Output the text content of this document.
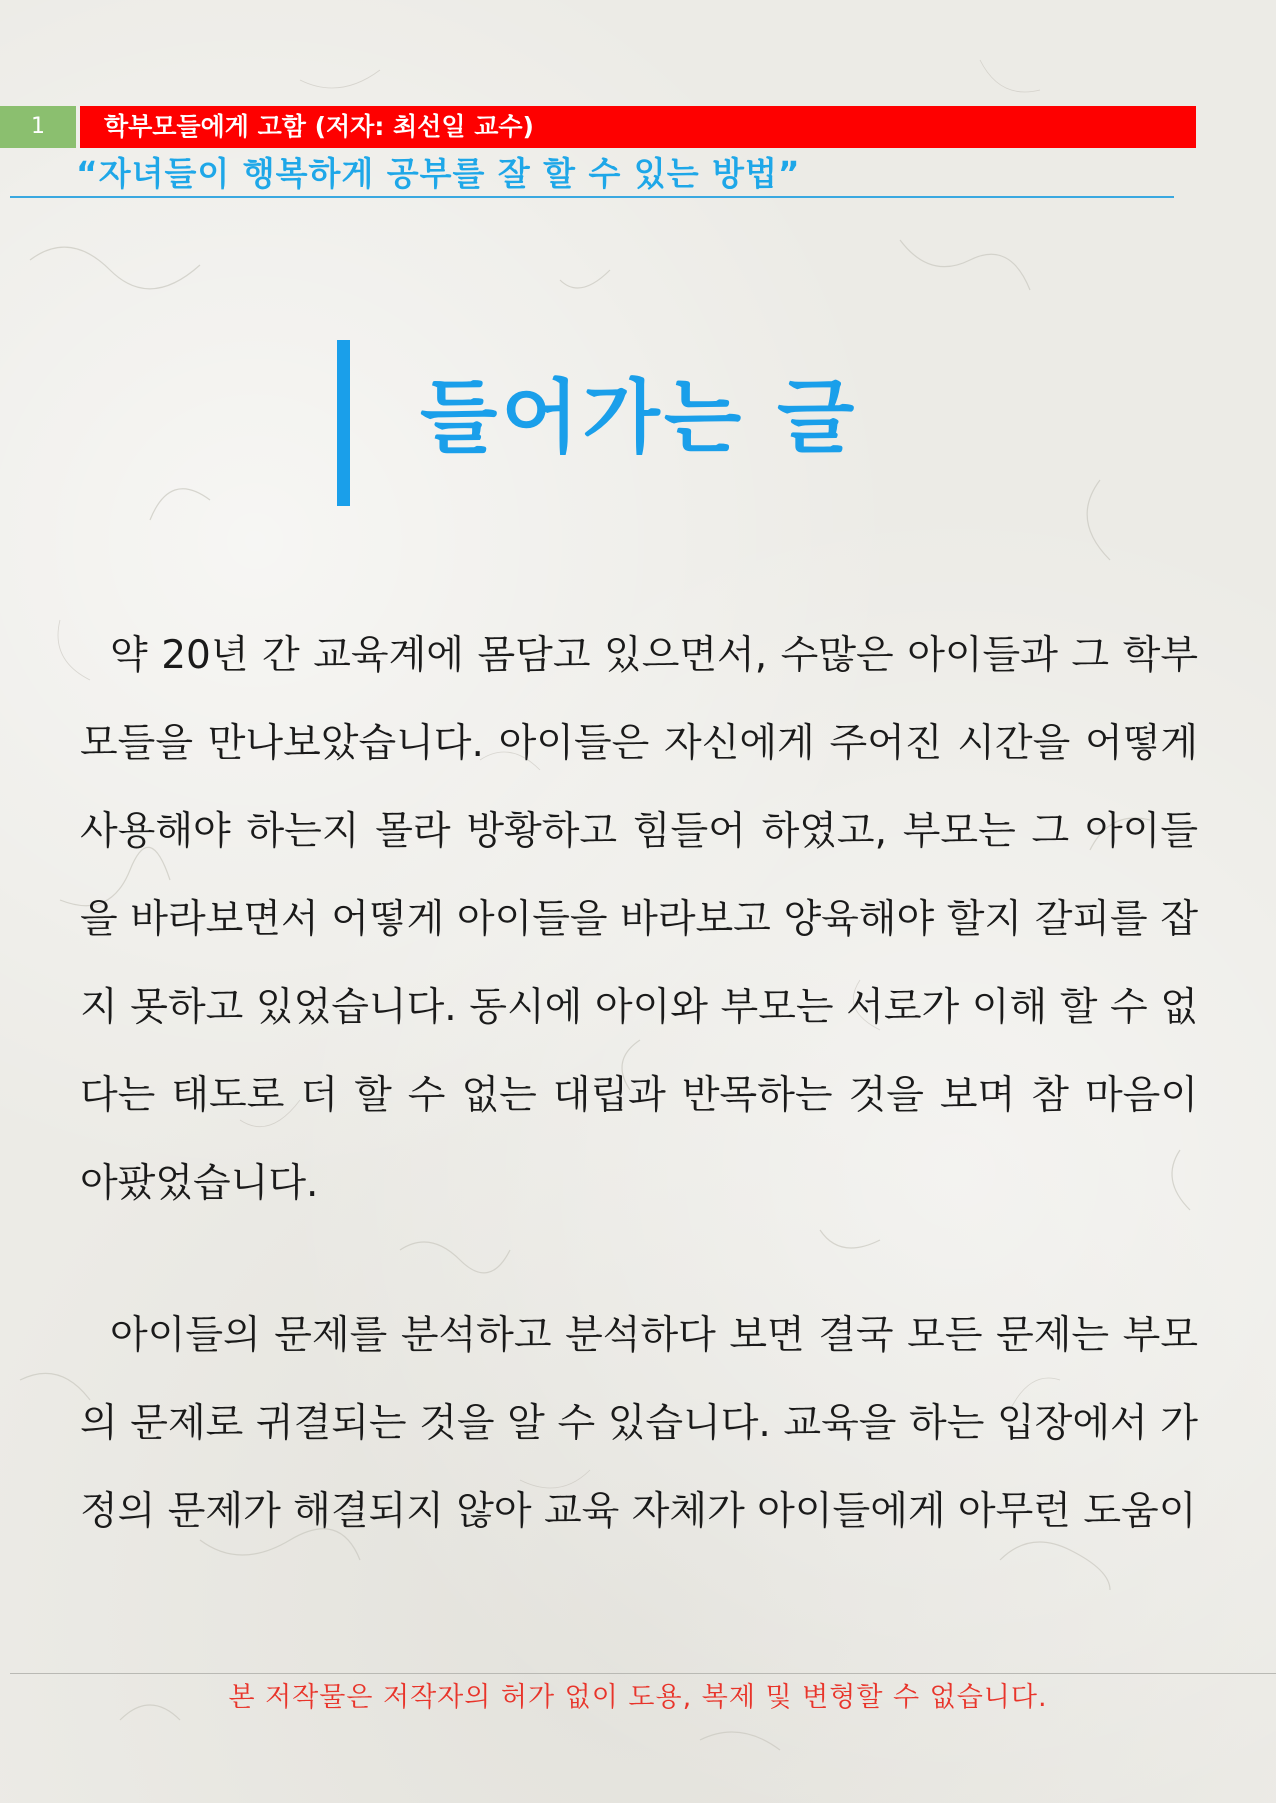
1	학부모들에게 고함 (저자: 최선일 교수)
“자녀들이 행복하게 공부를 잘 할 수 있는 방법”
들어가는 글

약 20년 간 교육계에 몸담고 있으면서, 수많은 아이들과 그 학부모들을 만나보았습니다. 아이들은 자신에게 주어진 시간을 어떻게 사용해야 하는지 몰라 방황하고 힘들어 하였고, 부모는 그 아이들을 바라보면서 어떻게 아이들을 바라보고 양육해야 할지 갈피를 잡지 못하고 있었습니다. 동시에 아이와 부모는 서로가 이해 할 수 없다는 태도로 더 할 수 없는 대립과 반목하는 것을 보며 참 마음이 아팠었습니다.

아이들의 문제를 분석하고 분석하다 보면 결국 모든 문제는 부모의 문제로 귀결되는 것을 알 수 있습니다. 교육을 하는 입장에서 가정의 문제가 해결되지 않아 교육 자체가 아이들에게 아무런 도움이

본 저작물은 저작자의 허가 없이 도용, 복제 및 변형할 수 없습니다.
